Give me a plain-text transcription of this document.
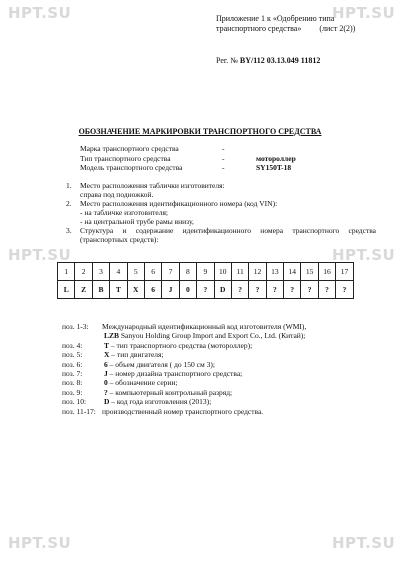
HPT.SU	HPT.SU
HPT.SU	HPT.SU
HPT.SU	HPT.SU
Приложение 1 к «Одобрению типа
транспортного средства» (лист 2(2))
Рег. № BY/112 03.13.049 11812
ОБОЗНАЧЕНИЕ МАРКИРОВКИ ТРАНСПОРТНОГО СРЕДСТВА
Марка транспортного средства	-
Тип транспортного средства	-	мотороллер
Модель транспортного средства	-	SY150T-18
1. Место расположения таблички изготовителя:
справа под подножкой.
2. Место расположения идентификационного номера (код VIN):
- на табличке изготовителя;
- на центральной трубе рамы внизу,
3. Структура и содержание идентификационного номера транспортного средства (транспортных средств):
1	2	3	4	5	6	7	8	9	10	11	12	13	14	15	16	17
L	Z	B	T	X	6	J	0	?	D	?	?	?	?	?	?	?
поз. 1-3: Международный идентификационный код изготовителя (WMI),
LZB Sanyou Holding Group Import and Export Co., Ltd. (Китай);
поз. 4:	T – тип транспортного средства (мотороллер);
поз. 5:	X – тип двигателя;
поз. 6:	6 – объем двигателя ( до 150 см 3);
поз. 7:	J – номер дизайна транспортного средства;
поз. 8:	0 – обозначение серии;
поз. 9:	? – компьютерный контрольный разряд;
поз. 10: D – код года изготовления (2013);
поз. 11-17: производственный номер транспортного средства.
